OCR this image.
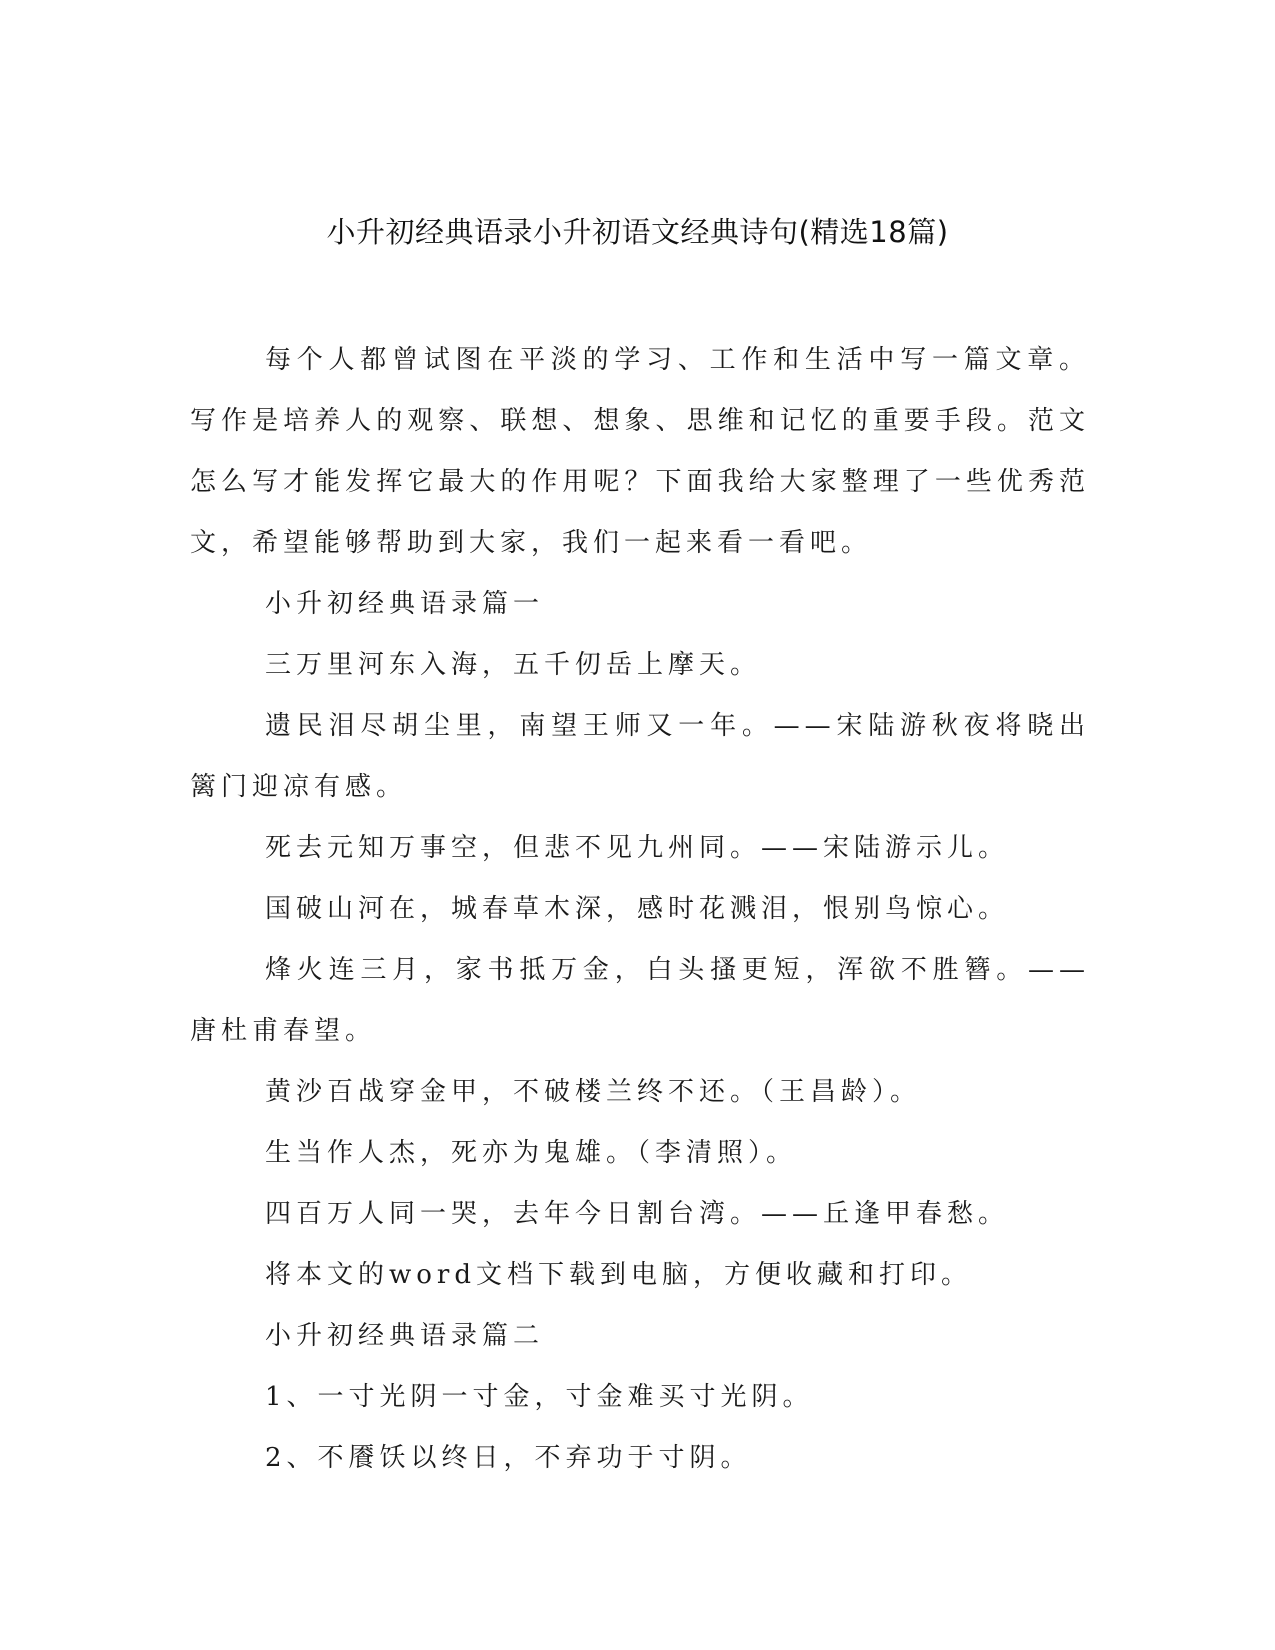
小升初经典语录小升初语文经典诗句(精选18篇)

每个人都曾试图在平淡的学习、工作和生活中写一篇文章。写作是培养人的观察、联想、想象、思维和记忆的重要手段。范文怎么写才能发挥它最大的作用呢？下面我给大家整理了一些优秀范文，希望能够帮助到大家，我们一起来看一看吧。

小升初经典语录篇一

三万里河东入海，五千仞岳上摩天。

遗民泪尽胡尘里，南望王师又一年。——宋陆游秋夜将晓出篱门迎凉有感。

死去元知万事空，但悲不见九州同。——宋陆游示儿。

国破山河在，城春草木深，感时花溅泪，恨别鸟惊心。

烽火连三月，家书抵万金，白头搔更短，浑欲不胜簪。——唐杜甫春望。

黄沙百战穿金甲，不破楼兰终不还。（王昌龄）。

生当作人杰，死亦为鬼雄。（李清照）。

四百万人同一哭，去年今日割台湾。——丘逢甲春愁。

将本文的word文档下载到电脑，方便收藏和打印。

小升初经典语录篇二

1、一寸光阴一寸金，寸金难买寸光阴。

2、不餍饫以终日，不弃功于寸阴。
